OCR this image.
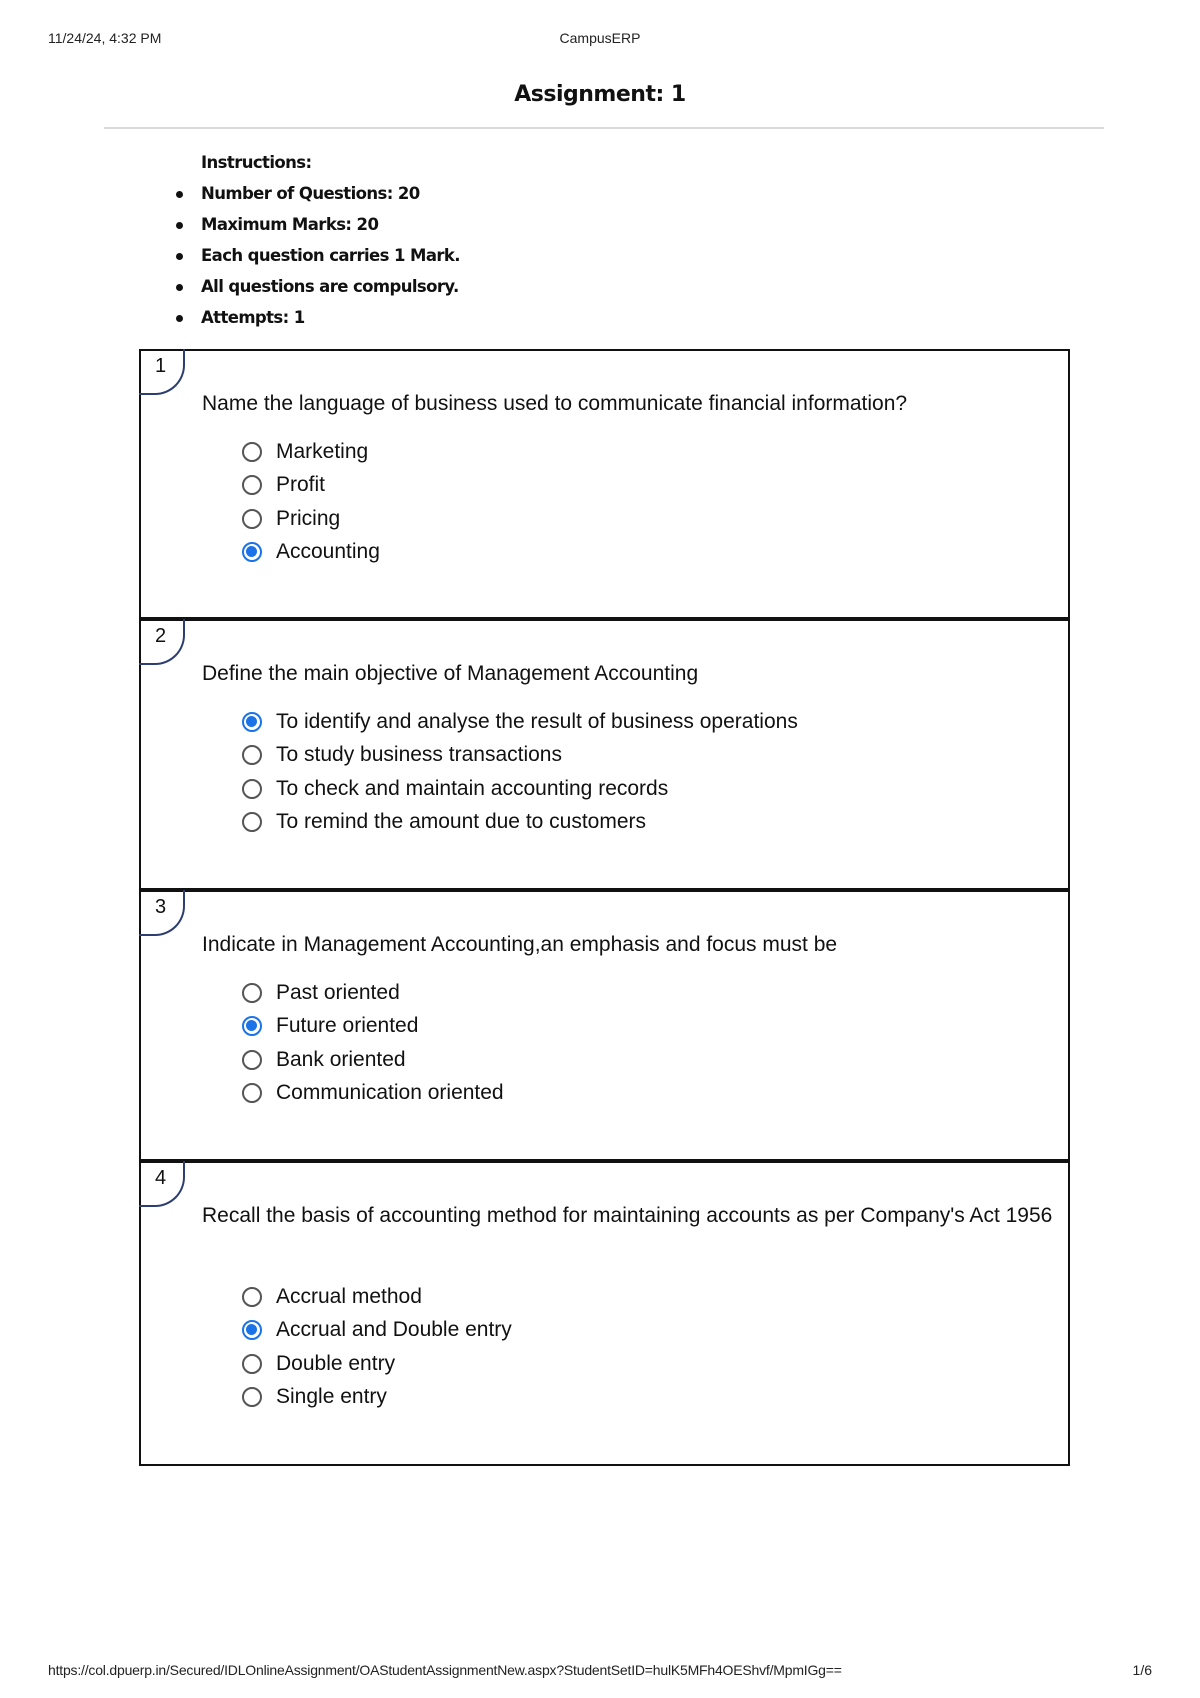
11/24/24, 4:32 PM	CampusERP
Assignment: 1
Instructions:
Number of Questions: 20
Maximum Marks: 20
Each question carries 1 Mark.
All questions are compulsory.
Attempts: 1
1
Name the language of business used to communicate financial information?
Marketing
Profit
Pricing
Accounting
2
Define the main objective of Management Accounting
To identify and analyse the result of business operations
To study business transactions
To check and maintain accounting records
To remind the amount due to customers
3
Indicate in Management Accounting,an emphasis and focus must be
Past oriented
Future oriented
Bank oriented
Communication oriented
4
Recall the basis of accounting method for maintaining accounts as per Company's Act 1956
Accrual method
Accrual and Double entry
Double entry
Single entry
https://col.dpuerp.in/Secured/IDLOnlineAssignment/OAStudentAssignmentNew.aspx?StudentSetID=hulK5MFh4OEShvf/MpmIGg==	1/6
